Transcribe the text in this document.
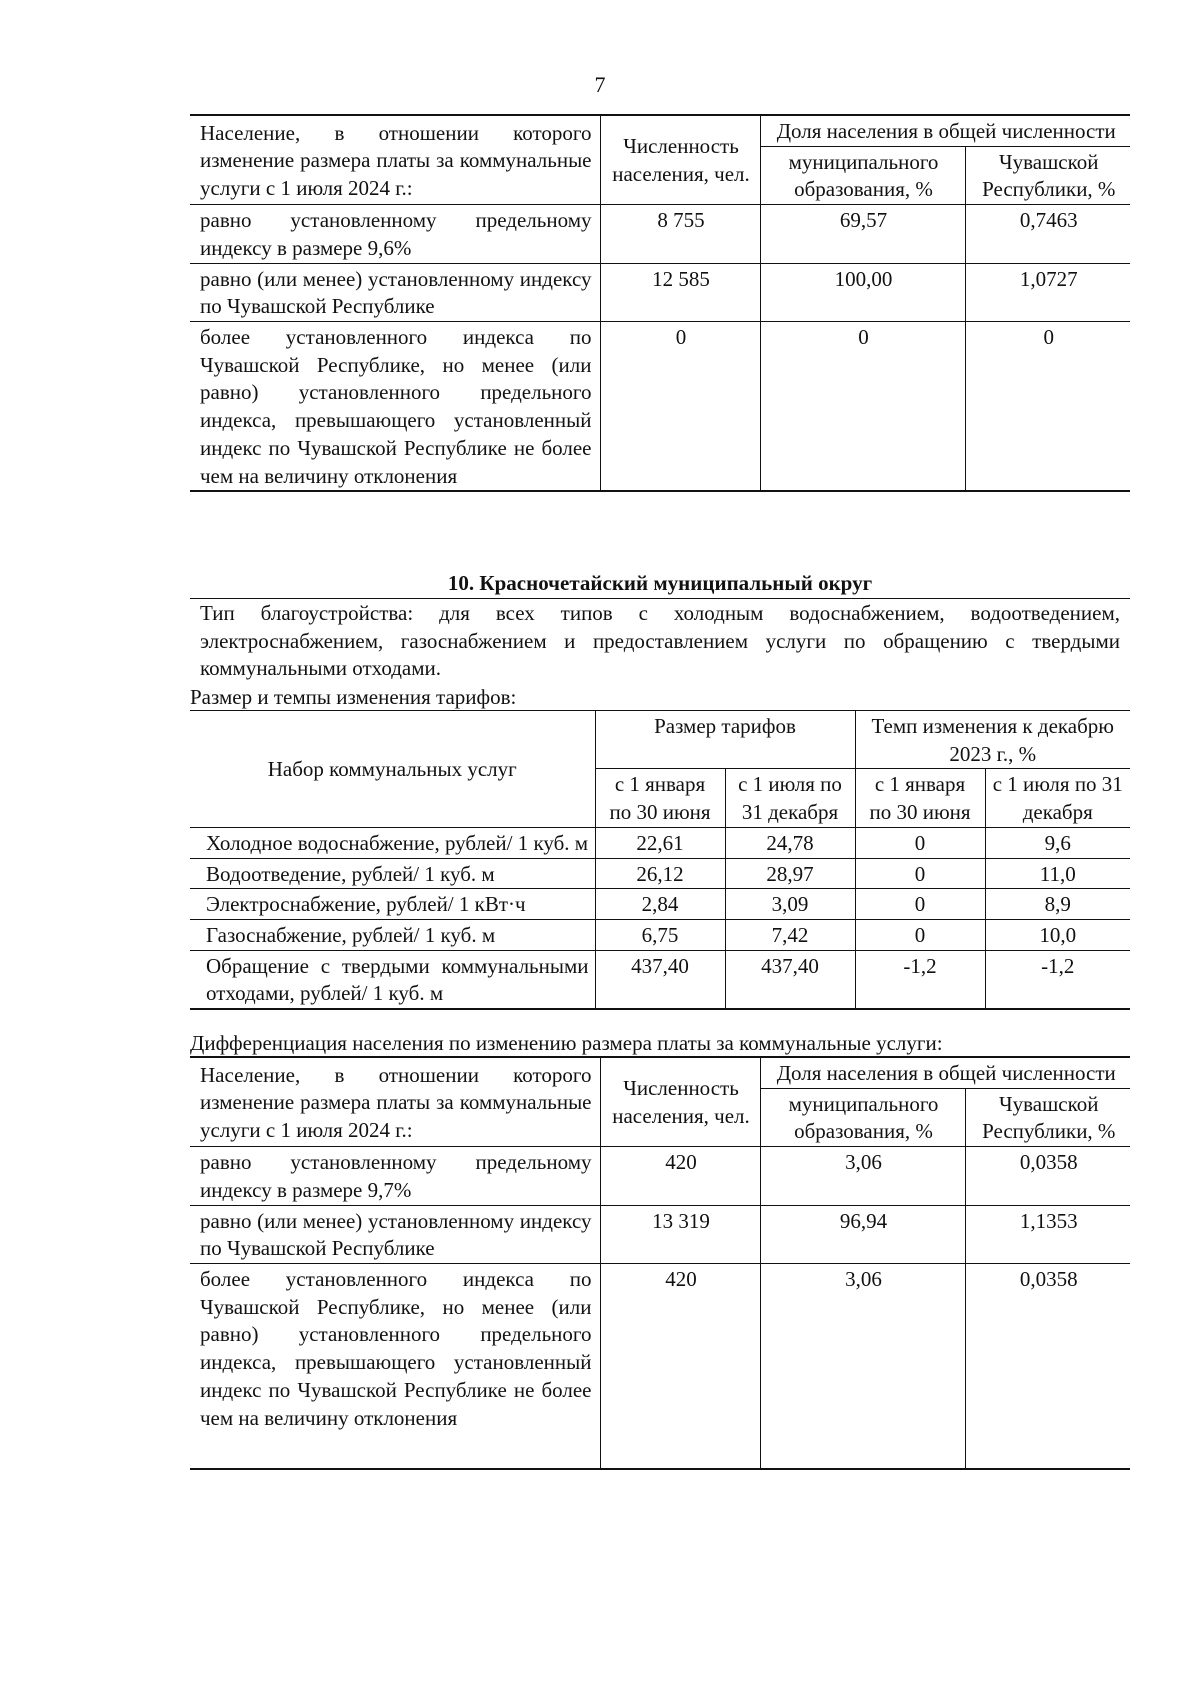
7
Население, в отношении которого изменение размера платы за коммунальные услуги с 1 июля 2024 г.:	Численность населения, чел.	Доля населения в общей численности	
		муниципального образования, %	Чувашской Республики, %
равно установленному предельному индексу в размере 9,6%	8 755	69,57	0,7463
равно (или менее) установленному индексу по Чувашской Республике	12 585	100,00	1,0727
более установленного индекса по Чувашской Республике, но менее (или равно) установленного предельного индекса, превышающего установленный индекс по Чувашской Республике не более чем на величину отклонения	0	0	0
10. Красночетайский муниципальный округ
Тип благоустройства: для всех типов с холодным водоснабжением, водоотведением, электроснабжением, газоснабжением и предоставлением услуги по обращению с твердыми коммунальными отходами.
Размер и темпы изменения тарифов:
Набор коммунальных услуг	Размер тарифов		Темп изменения к декабрю 2023 г., %	
	с 1 января по 30 июня	с 1 июля по 31 декабря	с 1 января по 30 июня	с 1 июля по 31 декабря
Холодное водоснабжение, рублей/ 1 куб. м	22,61	24,78	0	9,6
Водоотведение, рублей/ 1 куб. м	26,12	28,97	0	11,0
Электроснабжение, рублей/ 1 кВт·ч	2,84	3,09	0	8,9
Газоснабжение, рублей/ 1 куб. м	6,75	7,42	0	10,0
Обращение с твердыми коммунальными отходами, рублей/ 1 куб. м	437,40	437,40	-1,2	-1,2
Дифференциация населения по изменению размера платы за коммунальные услуги:
Население, в отношении которого изменение размера платы за коммунальные услуги с 1 июля 2024 г.:	Численность населения, чел.	Доля населения в общей численности	
		муниципального образования, %	Чувашской Республики, %
равно установленному предельному индексу в размере 9,7%	420	3,06	0,0358
равно (или менее) установленному индексу по Чувашской Республике	13 319	96,94	1,1353
более установленного индекса по Чувашской Республике, но менее (или равно) установленного предельного индекса, превышающего установленный индекс по Чувашской Республике не более чем на величину отклонения	420	3,06	0,0358
